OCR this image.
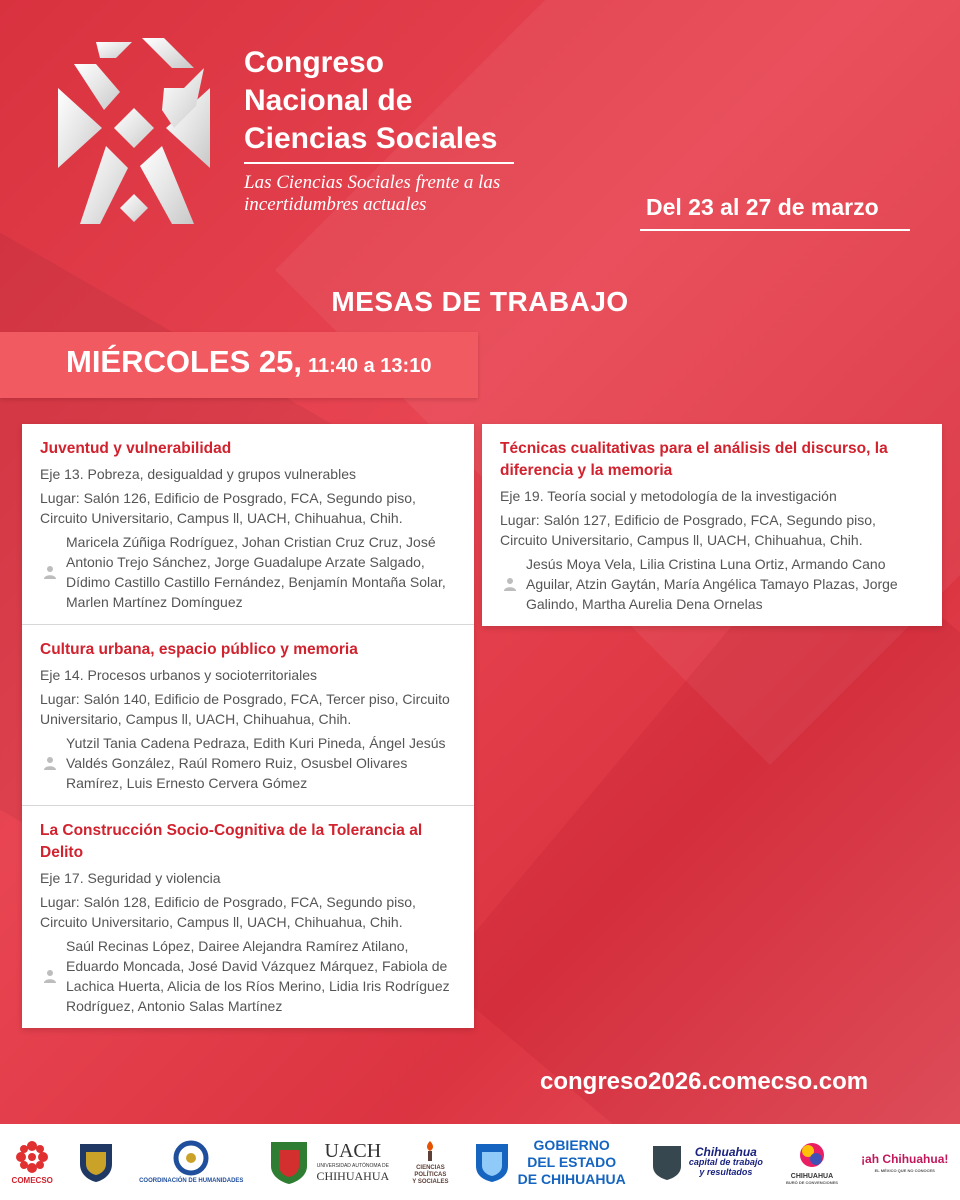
Congreso
Nacional de
Ciencias Sociales
Las Ciencias Sociales frente a las
incertidumbres actuales	Del 23 al 27 de marzo
MESAS DE TRABAJO
MIÉRCOLES 25, 11:40 a 13:10
Juventud y vulnerabilidad
Eje 13. Pobreza, desigualdad y grupos vulnerables
Lugar: Salón 126, Edificio de Posgrado, FCA, Segundo piso, Circuito Universitario, Campus ll, UACH, Chihuahua, Chih.
Maricela Zúñiga Rodríguez, Johan Cristian Cruz Cruz, José Antonio Trejo Sánchez, Jorge Guadalupe Arzate Salgado, Dídimo Castillo Castillo Fernández, Benjamín Montaña Solar, Marlen Martínez Domínguez
Cultura urbana, espacio público y memoria
Eje 14. Procesos urbanos y socioterritoriales
Lugar: Salón 140, Edificio de Posgrado, FCA, Tercer piso, Circuito Universitario, Campus ll, UACH, Chihuahua, Chih.
Yutzil Tania Cadena Pedraza, Edith Kuri Pineda, Ángel Jesús Valdés González, Raúl Romero Ruiz, Osusbel Olivares Ramírez, Luis Ernesto Cervera Gómez
La Construcción Socio-Cognitiva de la Tolerancia al Delito
Eje 17. Seguridad y violencia
Lugar: Salón 128, Edificio de Posgrado, FCA, Segundo piso, Circuito Universitario, Campus ll, UACH, Chihuahua, Chih.
Saúl Recinas López, Dairee Alejandra Ramírez Atilano, Eduardo Moncada, José David Vázquez Márquez, Fabiola de Lachica Huerta, Alicia de los Ríos Merino, Lidia Iris Rodríguez Rodríguez, Antonio Salas Martínez
Técnicas cualitativas para el análisis del discurso, la diferencia y la memoria
Eje 19. Teoría social y metodología de la investigación
Lugar: Salón 127, Edificio de Posgrado, FCA, Segundo piso, Circuito Universitario, Campus ll, UACH, Chihuahua, Chih.
Jesús Moya Vela, Lilia Cristina Luna Ortiz, Armando Cano Aguilar, Atzin Gaytán, María Angélica Tamayo Plazas, Jorge Galindo, Martha Aurelia Dena Ornelas
congreso2026.comecso.com
COMECSO	COORDINACIÓN DE HUMANIDADES
UACH
UNIVERSIDAD AUTÓNOMA DE
CHIHUAHUA
CIENCIAS
POLÍTICAS
Y SOCIALES
GOBIERNO
DEL ESTADO
DE CHIHUAHUA
Chihuahua
capital de trabajo
y resultados	CHIHUAHUA
BURÓ DE CONVENCIONES
¡ah Chihuahua!
EL MÉXICO QUE NO CONOCES
